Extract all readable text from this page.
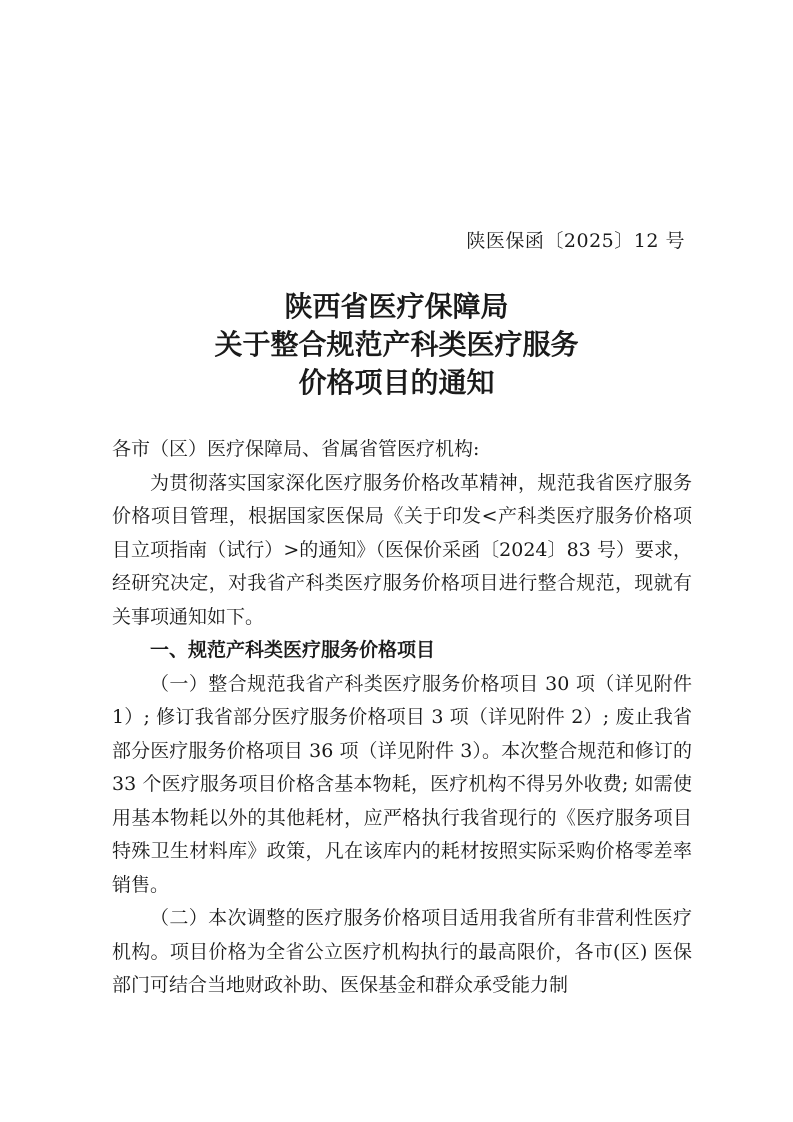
陕医保函〔2025〕12 号
陕西省医疗保障局
关于整合规范产科类医疗服务
价格项目的通知

各市（区）医疗保障局、省属省管医疗机构:

为贯彻落实国家深化医疗服务价格改革精神，规范我省医疗服务价格项目管理，根据国家医保局《关于印发<产科类医疗服务价格项目立项指南（试行）>的通知》（医保价采函〔2024〕83 号）要求，经研究决定，对我省产科类医疗服务价格项目进行整合规范，现就有关事项通知如下。

一、规范产科类医疗服务价格项目

（一）整合规范我省产科类医疗服务价格项目 30 项（详见附件 1）; 修订我省部分医疗服务价格项目 3 项（详见附件 2）; 废止我省部分医疗服务价格项目 36 项（详见附件 3）。本次整合规范和修订的 33 个医疗服务项目价格含基本物耗，医疗机构不得另外收费; 如需使用基本物耗以外的其他耗材，应严格执行我省现行的《医疗服务项目特殊卫生材料库》政策，凡在该库内的耗材按照实际采购价格零差率销售。

（二）本次调整的医疗服务价格项目适用我省所有非营利性医疗机构。项目价格为全省公立医疗机构执行的最高限价，各市(区) 医保部门可结合当地财政补助、医保基金和群众承受能力制
